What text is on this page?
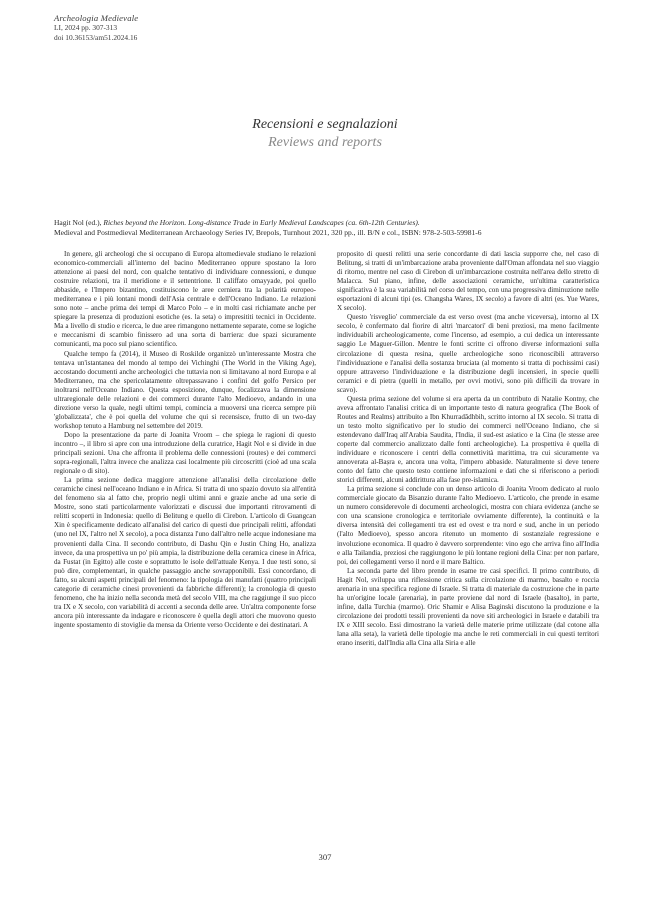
Archeologia Medievale
LI, 2024 pp. 307-313
doi 10.36153/am51.2024.16
Recensioni e segnalazioni
Reviews and reports
Hagit Nol (ed.), Riches beyond the Horizon. Long-distance Trade in Early Medieval Landscapes (ca. 6th-12th Centuries).
Medieval and Postmedieval Mediterranean Archaeology Series IV, Brepols, Turnhout 2021, 320 pp., ill. B/N e col., ISBN: 978-2-503-59981-6

In genere, gli archeologi che si occupano di Europa altomedievale studiano le relazioni economico-commerciali all'interno del bacino Mediterraneo oppure spostano la loro attenzione ai paesi del nord, con qualche tentativo di individuare connessioni, e dunque costruire relazioni, tra il meridione e il settentrione. Il califfato omayyade, poi quello abbaside, e l'Impero bizantino, costituiscono le aree cerniera tra la polarità europeo-mediterranea e i più lontani mondi dell'Asia centrale e dell'Oceano Indiano. Le relazioni sono note – anche prima dei tempi di Marco Polo – e in molti casi richiamate anche per spiegare la presenza di produzioni esotiche (es. la seta) o impresititi tecnici in Occidente. Ma a livello di studio e ricerca, le due aree rimangono nettamente separate, come se logiche e meccanismi di scambio finissero ad una sorta di barriera: due spazi sicuramente comunicanti, ma poco sul piano scientifico.

Qualche tempo fa (2014), il Museo di Roskilde organizzò un'interessante Mostra che tentava un'istantanea del mondo al tempo dei Vichinghi (The World in the Viking Age), accostando documenti anche archeologici che tuttavia non si limitavano al nord Europa e al Mediterraneo, ma che spericolatamente oltrepassavano i confini del golfo Persico per inoltrarsi nell'Oceano Indiano. Questa esposizione, dunque, focalizzava la dimensione ultraregionale delle relazioni e dei commerci durante l'alto Medioevo, andando in una direzione verso la quale, negli ultimi tempi, comincia a muoversi una ricerca sempre più 'globalizzata', che è poi quella del volume che qui si recensisce, frutto di un two-day workshop tenuto a Hamburg nel settembre del 2019.

Dopo la presentazione da parte di Joanita Vroom – che spiega le ragioni di questo incontro –, il libro si apre con una introduzione della curatrice, Hagit Nol e si divide in due principali sezioni. Una che affronta il problema delle connessioni (routes) e dei commerci sopra-regionali, l'altra invece che analizza casi localmente più circoscritti (cioè ad una scala regionale o di sito).

La prima sezione dedica maggiore attenzione all'analisi della circolazione delle ceramiche cinesi nell'oceano Indiano e in Africa. Si tratta di uno spazio dovuto sia all'entità del fenomeno sia al fatto che, proprio negli ultimi anni e grazie anche ad una serie di Mostre, sono stati particolarmente valorizzati e discussi due importanti ritrovamenti di relitti scoperti in Indonesia: quello di Belitung e quello di Cirebon. L'articolo di Guangcan Xin è specificamente dedicato all'analisi del carico di questi due principali relitti, affondati (uno nel IX, l'altro nel X secolo), a poca distanza l'uno dall'altro nelle acque indonesiane ma provenienti dalla Cina. Il secondo contributo, di Dashu Qin e Justin Ching Ho, analizza invece, da una prospettiva un po' più ampia, la distribuzione della ceramica cinese in Africa, da Fustat (in Egitto) alle coste e soprattutto le isole dell'attuale Kenya. I due testi sono, si può dire, complementari, in qualche passaggio anche sovrapponibili. Essi concordano, di fatto, su alcuni aspetti principali del fenomeno: la tipologia dei manufatti (quattro principali categorie di ceramiche cinesi provenienti da fabbriche differenti); la cronologia di questo fenomeno, che ha inizio nella seconda metà del secolo VIII, ma che raggiunge il suo picco tra IX e X secolo, con variabilità di accenti a seconda delle aree. Un'altra componente forse ancora più interessante da indagare e riconoscere è quella degli attori che muovono questo ingente spostamento di stoviglie da mensa da Oriente verso Occidente e dei destinatari. A

proposito di questi relitti una serie concordante di dati lascia supporre che, nel caso di Belitung, si tratti di un'imbarcazione araba proveniente dall'Oman affondata nel suo viaggio di ritorno, mentre nel caso di Cirebon di un'imbarcazione costruita nell'area dello stretto di Malacca. Sul piano, infine, delle associazioni ceramiche, un'ultima caratteristica significativa è la sua variabilità nel corso del tempo, con una progressiva diminuzione nelle esportazioni di alcuni tipi (es. Changsha Wares, IX secolo) a favore di altri (es. Yue Wares, X secolo).

Questo 'risveglio' commerciale da est verso ovest (ma anche viceversa), intorno al IX secolo, è confermato dal fiorire di altri 'marcatori' di beni preziosi, ma meno facilmente individuabili archeologicamente, come l'incenso, ad esempio, a cui dedica un interessante saggio Le Maguer-Gillon. Mentre le fonti scritte ci offrono diverse informazioni sulla circolazione di questa resina, quelle archeologiche sono riconoscibili attraverso l'individuazione e l'analisi della sostanza bruciata (al momento si tratta di pochissimi casi) oppure attraverso l'individuazione e la distribuzione degli incensieri, in specie quelli ceramici e di pietra (quelli in metallo, per ovvi motivi, sono più difficili da trovare in scavo).

Questa prima sezione del volume si era aperta da un contributo di Natalie Kontny, che aveva affrontato l'analisi critica di un importante testo di natura geografica (The Book of Routes and Realms) attribuito a Ibn Khurradādhbih, scritto intorno al IX secolo. Si tratta di un testo molto significativo per lo studio dei commerci nell'Oceano Indiano, che si estendevano dall'Iraq all'Arabia Saudita, l'India, il sud-est asiatico e la Cina (le stesse aree coperte dal commercio analizzato dalle fonti archeologiche). La prospettiva è quella di individuare e riconoscere i centri della connettività marittima, tra cui sicuramente va annoverata al-Baṣra e, ancora una volta, l'impero abbaside. Naturalmente si deve tenere conto del fatto che questo testo contiene informazioni e dati che si riferiscono a periodi storici differenti, alcuni addirittura alla fase pre-islamica.

La prima sezione si conclude con un denso articolo di Joanita Vroom dedicato al ruolo commerciale giocato da Bisanzio durante l'alto Medioevo. L'articolo, che prende in esame un numero considerevole di documenti archeologici, mostra con chiara evidenza (anche se con una scansione cronologica e territoriale ovviamente differente), la continuità e la diversa intensità dei collegamenti tra est ed ovest e tra nord e sud, anche in un periodo (l'alto Medioevo), spesso ancora ritenuto un momento di sostanziale regressione e involuzione economica. Il quadro è davvero sorprendente: vino ego che arriva fino all'India e alla Tailandia, preziosi che raggiungono le più lontane regioni della Cina: per non parlare, poi, dei collegamenti verso il nord e il mare Baltico.

La seconda parte del libro prende in esame tre casi specifici. Il primo contributo, di Hagit Nol, sviluppa una riflessione critica sulla circolazione di marmo, basalto e roccia arenaria in una specifica regione di Israele. Si tratta di materiale da costruzione che in parte ha un'origine locale (arenaria), in parte proviene dal nord di Israele (basalto), in parte, infine, dalla Turchia (marmo). Oric Shamir e Alisa Baginski discutono la produzione e la circolazione dei prodotti tessili provenienti da nove siti archeologici in Israele e databili tra IX e XIII secolo. Essi dimostrano la varietà delle materie prime utilizzate (dal cotone alla lana alla seta), la varietà delle tipologie ma anche le reti commerciali in cui questi territori erano inseriti, dall'India alla Cina alla Siria e alle

307
